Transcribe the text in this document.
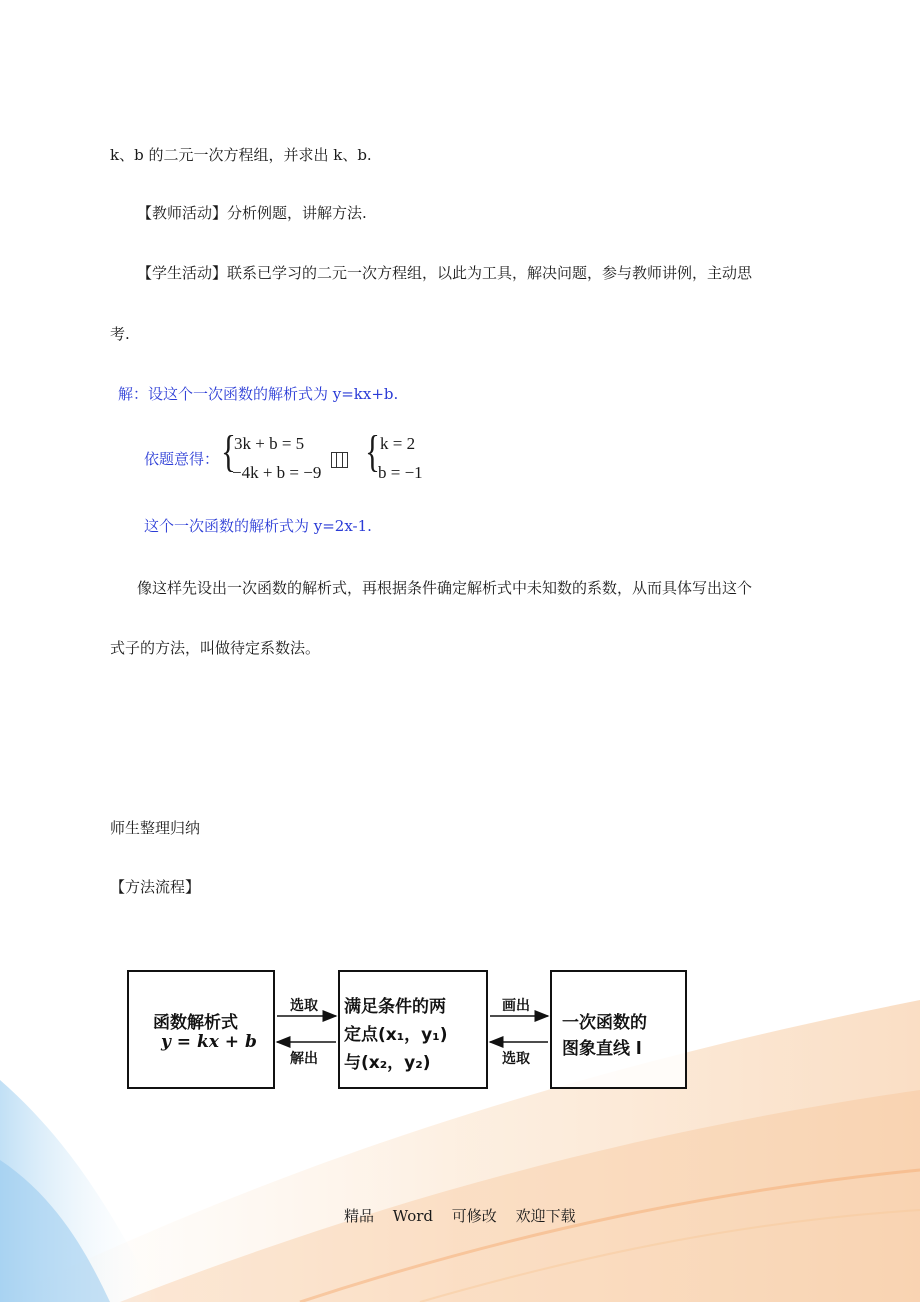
k、b 的二元一次方程组，并求出 k、b.
【教师活动】分析例题，讲解方法.
【学生活动】联系已学习的二元一次方程组，以此为工具，解决问题，参与教师讲例，主动思
考.
解：设这个一次函数的解析式为 y=kx+b.
依题意得： {
3k + b = 5
−4k + b = −9 { k = 2
b = −1
这个一次函数的解析式为 y=2x-1.
像这样先设出一次函数的解析式，再根据条件确定解析式中未知数的系数，从而具体写出这个
式子的方法，叫做待定系数法。
师生整理归纳
【方法流程】
函数解析式
y = kx + b
满足条件的两
定点(x₁，y₁)
与(x₂，y₂)
一次函数的
图象直线 l
选取
解出
画出
选取
精品 Word 可修改 欢迎下载
